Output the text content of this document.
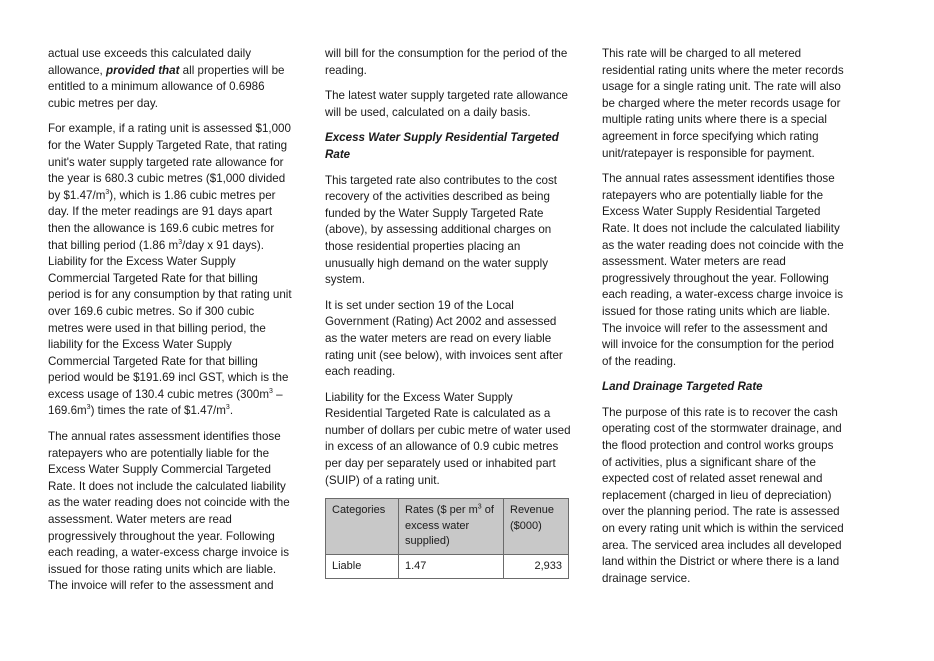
actual use exceeds this calculated daily allowance, provided that all properties will be entitled to a minimum allowance of 0.6986 cubic metres per day.

For example, if a rating unit is assessed $1,000 for the Water Supply Targeted Rate, that rating unit's water supply targeted rate allowance for the year is 680.3 cubic metres ($1,000 divided by $\$1.47/m^3$), which is 1.86 cubic metres per day. If the meter readings are 91 days apart then the allowance is 169.6 cubic metres for that billing period (1.86 $m^3$/day x 91 days). Liability for the Excess Water Supply Commercial Targeted Rate for that billing period is for any consumption by that rating unit over 169.6 cubic metres. So if 300 cubic metres were used in that billing period, the liability for the Excess Water Supply Commercial Targeted Rate for that billing period would be $191.69 incl GST, which is the excess usage of 130.4 cubic metres $(300m^3 - 169.6m^3)$ times the rate of $\$1.47/m^3$.

The annual rates assessment identifies those ratepayers who are potentially liable for the Excess Water Supply Commercial Targeted Rate. It does not include the calculated liability as the water reading does not coincide with the assessment. Water meters are read progressively throughout the year. Following each reading, a water-excess charge invoice is issued for those rating units which are liable. The invoice will refer to the assessment and

will bill for the consumption for the period of the reading.

The latest water supply targeted rate allowance will be used, calculated on a daily basis.

Excess Water Supply Residential Targeted Rate

This targeted rate also contributes to the cost recovery of the activities described as being funded by the Water Supply Targeted Rate (above), by assessing additional charges on those residential properties placing an unusually high demand on the water supply system.

It is set under section 19 of the Local Government (Rating) Act 2002 and assessed as the water meters are read on every liable rating unit (see below), with invoices sent after each reading.

Liability for the Excess Water Supply Residential Targeted Rate is calculated as a number of dollars per cubic metre of water used in excess of an allowance of 0.9 cubic metres per day per separately used or inhabited part (SUIP) of a rating unit.

Categories	Rates ($ per $m^3$ of excess water supplied)	Revenue ($000)
Liable	1.47	2,933

This rate will be charged to all metered residential rating units where the meter records usage for a single rating unit. The rate will also be charged where the meter records usage for multiple rating units where there is a special agreement in force specifying which rating unit/ratepayer is responsible for payment.

The annual rates assessment identifies those ratepayers who are potentially liable for the Excess Water Supply Residential Targeted Rate. It does not include the calculated liability as the water reading does not coincide with the assessment. Water meters are read progressively throughout the year. Following each reading, a water-excess charge invoice is issued for those rating units which are liable. The invoice will refer to the assessment and will invoice for the consumption for the period of the reading.

Land Drainage Targeted Rate

The purpose of this rate is to recover the cash operating cost of the stormwater drainage, and the flood protection and control works groups of activities, plus a significant share of the expected cost of related asset renewal and replacement (charged in lieu of depreciation) over the planning period. The rate is assessed on every rating unit which is within the serviced area. The serviced area includes all developed land within the District or where there is a land drainage service.
